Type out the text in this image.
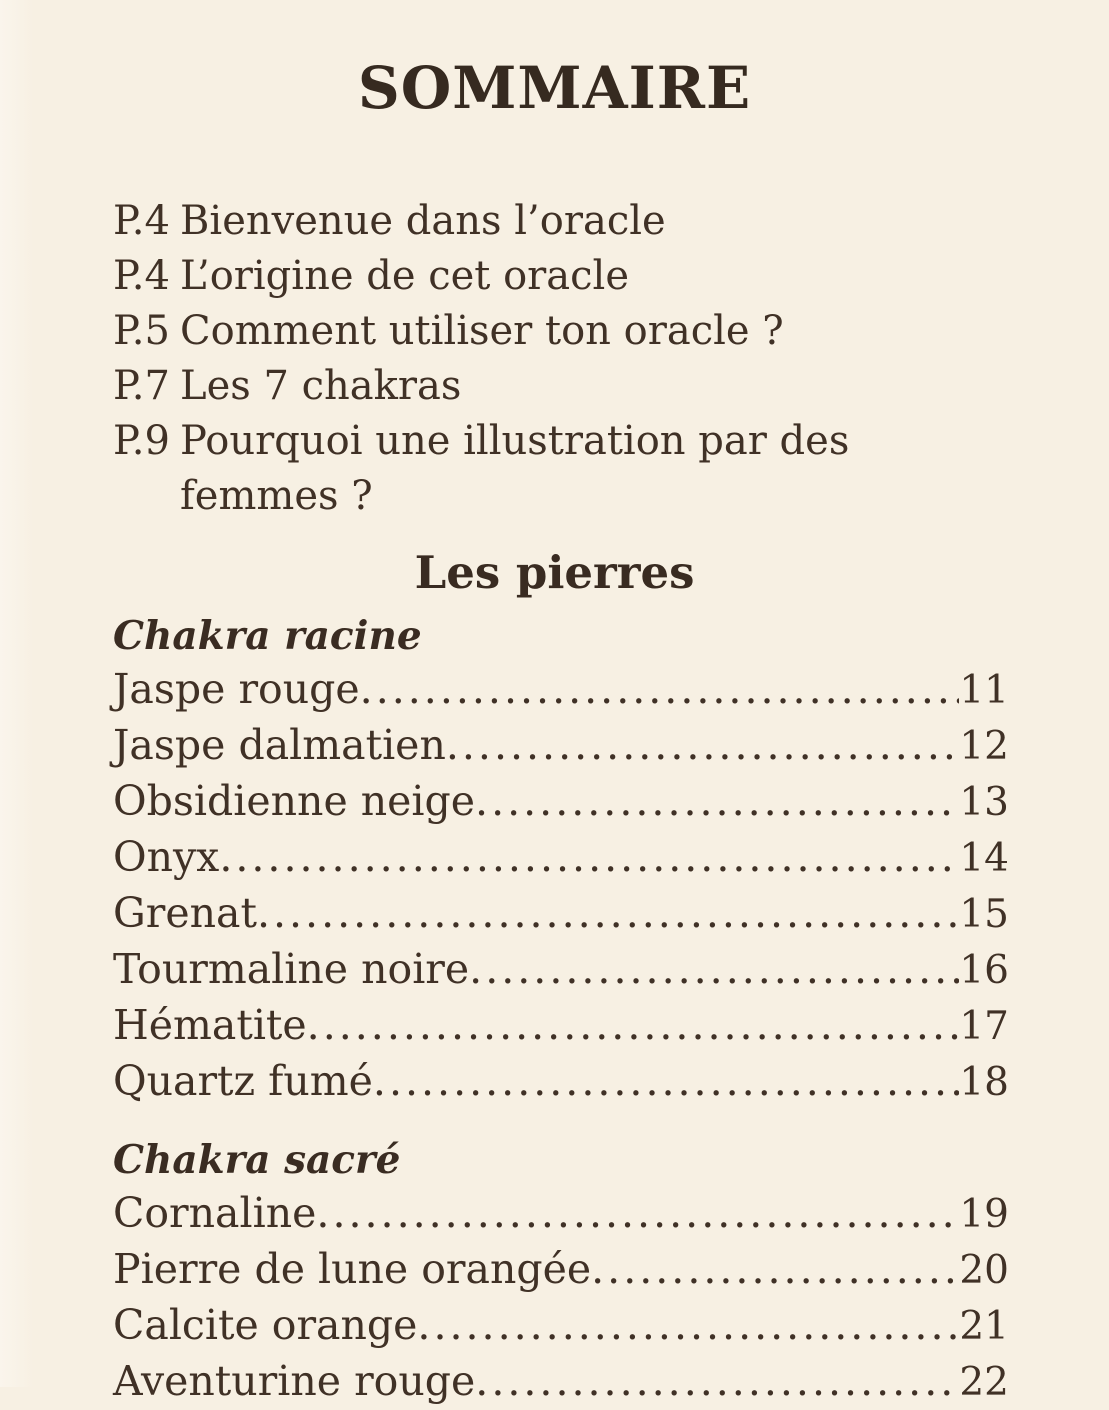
SOMMAIRE
P.4 Bienvenue dans l’oracle
P.4 L’origine de cet oracle
P.5 Comment utiliser ton oracle ?
P.7 Les 7 chakras
P.9 Pourquoi une illustration par des femmes ?
Les pierres
Chakra racine
Jaspe rouge .....	11
Jaspe dalmatien .....	12
Obsidienne neige .....	13
Onyx .....	14
Grenat .....	15
Tourmaline noire .....	16
Hématite .....	17
Quartz fumé .....	18
Chakra sacré
Cornaline .....	19
Pierre de lune orangée .....	20
Calcite orange .....	21
Aventurine rouge .....	22
